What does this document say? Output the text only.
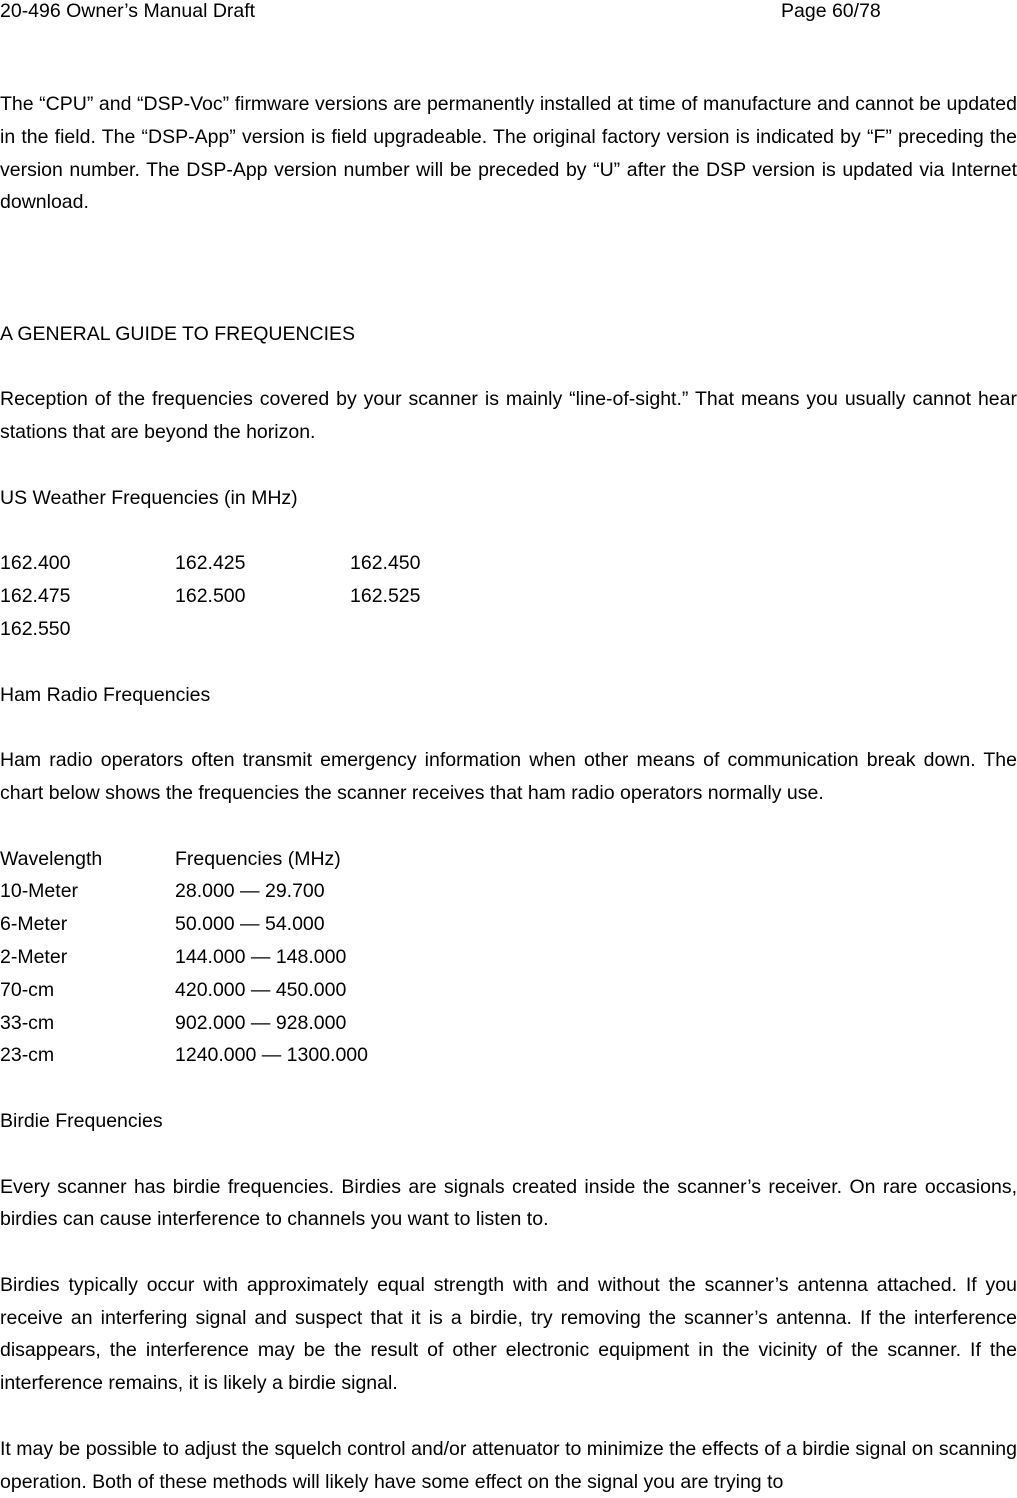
20-496 Owner’s Manual Draft	Page 60/78

The “CPU” and “DSP-Voc” firmware versions are permanently installed at time of manufacture and cannot be updated in the field. The “DSP-App” version is field upgradeable. The original factory version is indicated by “F” preceding the version number. The DSP-App version number will be preceded by “U” after the DSP version is updated via Internet download.

A GENERAL GUIDE TO FREQUENCIES

Reception of the frequencies covered by your scanner is mainly “line-of-sight.” That means you usually cannot hear stations that are beyond the horizon.

US Weather Frequencies (in MHz)

162.400	162.425	162.450
162.475	162.500	162.525
162.550

Ham Radio Frequencies

Ham radio operators often transmit emergency information when other means of communication break down. The chart below shows the frequencies the scanner receives that ham radio operators normally use.

Wavelength	Frequencies (MHz)
10-Meter	28.000 — 29.700
6-Meter	50.000 — 54.000
2-Meter	144.000 — 148.000
70-cm	420.000 — 450.000
33-cm	902.000 — 928.000
23-cm	1240.000 — 1300.000

Birdie Frequencies

Every scanner has birdie frequencies. Birdies are signals created inside the scanner’s receiver. On rare occasions, birdies can cause interference to channels you want to listen to.

Birdies typically occur with approximately equal strength with and without the scanner’s antenna attached. If you receive an interfering signal and suspect that it is a birdie, try removing the scanner’s antenna. If the interference disappears, the interference may be the result of other electronic equipment in the vicinity of the scanner. If the interference remains, it is likely a birdie signal.

It may be possible to adjust the squelch control and/or attenuator to minimize the effects of a birdie signal on scanning operation. Both of these methods will likely have some effect on the signal you are trying to
